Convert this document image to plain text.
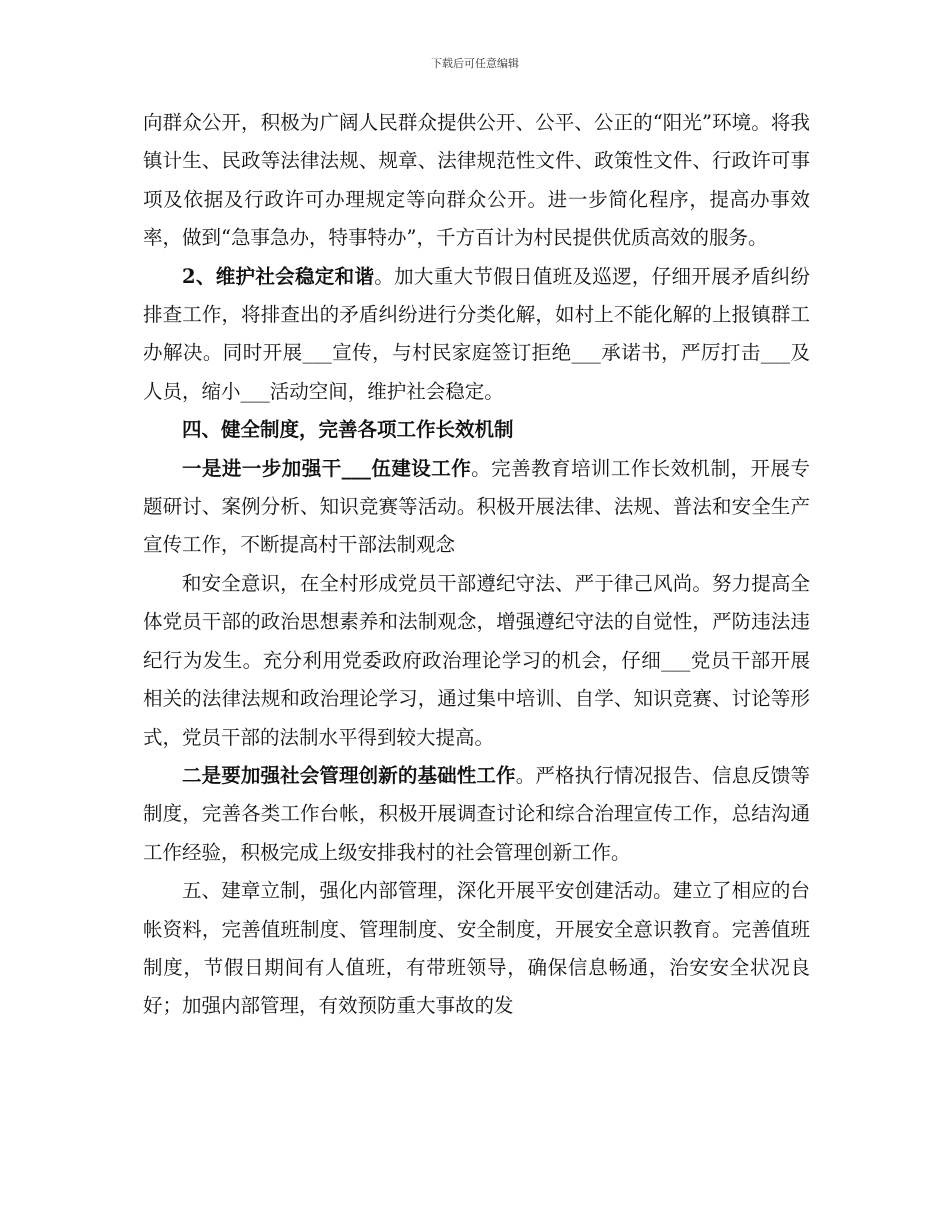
下载后可任意编辑

向群众公开，积极为广阔人民群众提供公开、公平、公正的“阳光”环境。将我镇计生、民政等法律法规、规章、法律规范性文件、政策性文件、行政许可事项及依据及行政许可办理规定等向群众公开。进一步简化程序，提高办事效率，做到“急事急办，特事特办”，千方百计为村民提供优质高效的服务。

2、维护社会稳定和谐。加大重大节假日值班及巡逻，仔细开展矛盾纠纷排查工作，将排查出的矛盾纠纷进行分类化解，如村上不能化解的上报镇群工办解决。同时开展___宣传，与村民家庭签订拒绝___承诺书，严厉打击___及人员，缩小___活动空间，维护社会稳定。

四、健全制度，完善各项工作长效机制

一是进一步加强干___伍建设工作。完善教育培训工作长效机制，开展专题研讨、案例分析、知识竞赛等活动。积极开展法律、法规、普法和安全生产宣传工作，不断提高村干部法制观念

和安全意识，在全村形成党员干部遵纪守法、严于律己风尚。努力提高全体党员干部的政治思想素养和法制观念，增强遵纪守法的自觉性，严防违法违纪行为发生。充分利用党委政府政治理论学习的机会，仔细___党员干部开展相关的法律法规和政治理论学习，通过集中培训、自学、知识竞赛、讨论等形式，党员干部的法制水平得到较大提高。

二是要加强社会管理创新的基础性工作。严格执行情况报告、信息反馈等制度，完善各类工作台帐，积极开展调查讨论和综合治理宣传工作，总结沟通工作经验，积极完成上级安排我村的社会管理创新工作。

五、建章立制，强化内部管理，深化开展平安创建活动。建立了相应的台帐资料，完善值班制度、管理制度、安全制度，开展安全意识教育。完善值班制度，节假日期间有人值班，有带班领导，确保信息畅通，治安安全状况良好；加强内部管理，有效预防重大事故的发
